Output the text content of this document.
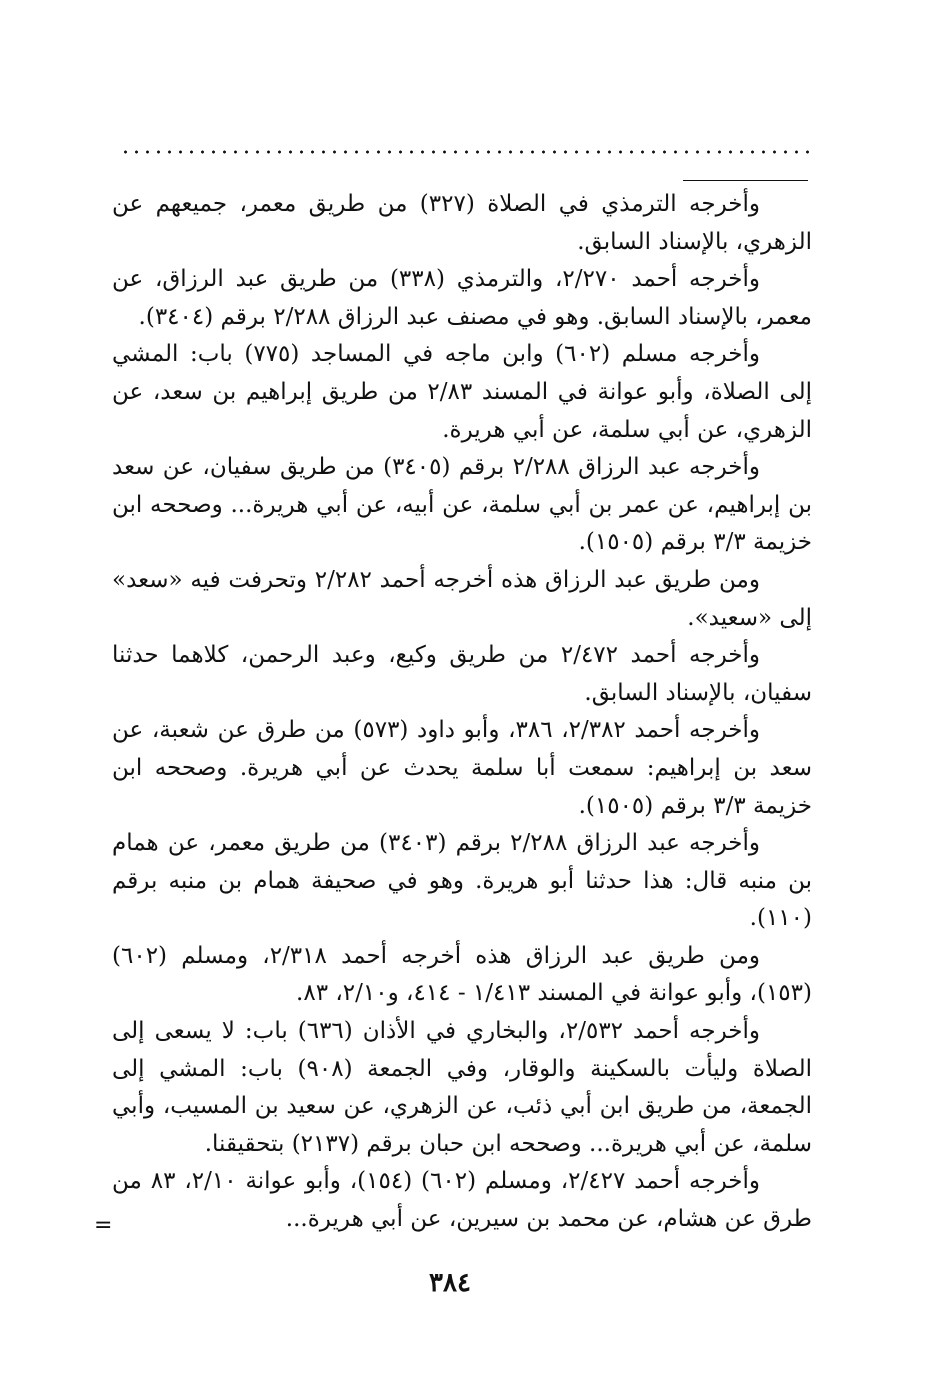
وأخرجه الترمذي في الصلاة (٣٢٧) من طريق معمر، جميعهم عن الزهري، بالإسناد السابق.

وأخرجه أحمد ٢/٢٧٠، والترمذي (٣٣٨) من طريق عبد الرزاق، عن معمر، بالإسناد السابق. وهو في مصنف عبد الرزاق ٢/٢٨٨ برقم (٣٤٠٤).

وأخرجه مسلم (٦٠٢) وابن ماجه في المساجد (٧٧٥) باب: المشي إلى الصلاة، وأبو عوانة في المسند ٢/٨٣ من طريق إبراهيم بن سعد، عن الزهري، عن أبي سلمة، عن أبي هريرة.

وأخرجه عبد الرزاق ٢/٢٨٨ برقم (٣٤٠٥) من طريق سفيان، عن سعد بن إبراهيم، عن عمر بن أبي سلمة، عن أبيه، عن أبي هريرة... وصححه ابن خزيمة ٣/٣ برقم (١٥٠٥).

ومن طريق عبد الرزاق هذه أخرجه أحمد ٢/٢٨٢ وتحرفت فيه «سعد» إلى «سعيد».

وأخرجه أحمد ٢/٤٧٢ من طريق وكيع، وعبد الرحمن، كلاهما حدثنا سفيان، بالإسناد السابق.

وأخرجه أحمد ٢/٣٨٢، ٣٨٦، وأبو داود (٥٧٣) من طرق عن شعبة، عن سعد بن إبراهيم: سمعت أبا سلمة يحدث عن أبي هريرة. وصححه ابن خزيمة ٣/٣ برقم (١٥٠٥).

وأخرجه عبد الرزاق ٢/٢٨٨ برقم (٣٤٠٣) من طريق معمر، عن همام بن منبه قال: هذا حدثنا أبو هريرة. وهو في صحيفة همام بن منبه برقم (١١٠).

ومن طريق عبد الرزاق هذه أخرجه أحمد ٢/٣١٨، ومسلم (٦٠٢) (١٥٣)، وأبو عوانة في المسند ١/٤١٣ - ٤١٤، و٢/١٠، ٨٣.

وأخرجه أحمد ٢/٥٣٢، والبخاري في الأذان (٦٣٦) باب: لا يسعى إلى الصلاة وليأت بالسكينة والوقار، وفي الجمعة (٩٠٨) باب: المشي إلى الجمعة، من طريق ابن أبي ذئب، عن الزهري، عن سعيد بن المسيب، وأبي سلمة، عن أبي هريرة... وصححه ابن حبان برقم (٢١٣٧) بتحقيقنا.

وأخرجه أحمد ٢/٤٢٧، ومسلم (٦٠٢) (١٥٤)، وأبو عوانة ٢/١٠، ٨٣ من طرق عن هشام، عن محمد بن سيرين، عن أبي هريرة...

=
٣٨٤
